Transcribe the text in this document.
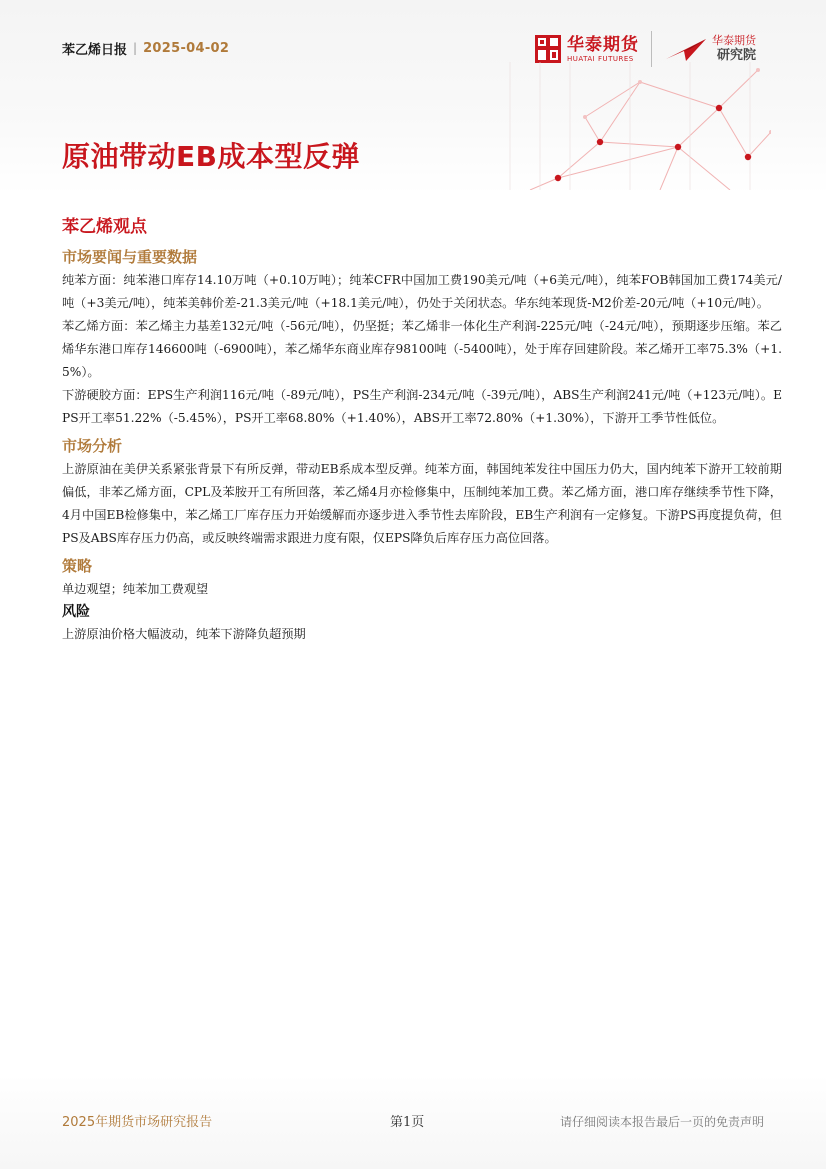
苯乙烯日报 | 2025-04-02	华泰期货
HUATAI FUTURES
华泰期货
研究院
原油带动EB成本型反弹
苯乙烯观点
市场要闻与重要数据

纯苯方面：纯苯港口库存14.10万吨（+0.10万吨）；纯苯CFR中国加工费190美元/吨（+6美元/吨），纯苯FOB韩国加工费174美元/吨（+3美元/吨），纯苯美韩价差-21.3美元/吨（+18.1美元/吨），仍处于关闭状态。华东纯苯现货-M2价差-20元/吨（+10元/吨）。

苯乙烯方面：苯乙烯主力基差132元/吨（-56元/吨），仍坚挺；苯乙烯非一体化生产利润-225元/吨（-24元/吨），预期逐步压缩。苯乙烯华东港口库存146600吨（-6900吨），苯乙烯华东商业库存98100吨（-5400吨），处于库存回建阶段。苯乙烯开工率75.3%（+1.5%）。

下游硬胶方面：EPS生产利润116元/吨（-89元/吨），PS生产利润-234元/吨（-39元/吨），ABS生产利润241元/吨（+123元/吨）。EPS开工率51.22%（-5.45%），PS开工率68.80%（+1.40%），ABS开工率72.80%（+1.30%），下游开工季节性低位。

市场分析

上游原油在美伊关系紧张背景下有所反弹，带动EB系成本型反弹。纯苯方面，韩国纯苯发往中国压力仍大，国内纯苯下游开工较前期偏低，非苯乙烯方面，CPL及苯胺开工有所回落，苯乙烯4月亦检修集中，压制纯苯加工费。苯乙烯方面，港口库存继续季节性下降，4月中国EB检修集中，苯乙烯工厂库存压力开始缓解而亦逐步进入季节性去库阶段，EB生产利润有一定修复。下游PS再度提负荷，但PS及ABS库存压力仍高，或反映终端需求跟进力度有限，仅EPS降负后库存压力高位回落。

策略

单边观望；纯苯加工费观望

风险

上游原油价格大幅波动，纯苯下游降负超预期

2025年期货市场研究报告	第1页	请仔细阅读本报告最后一页的免责声明
